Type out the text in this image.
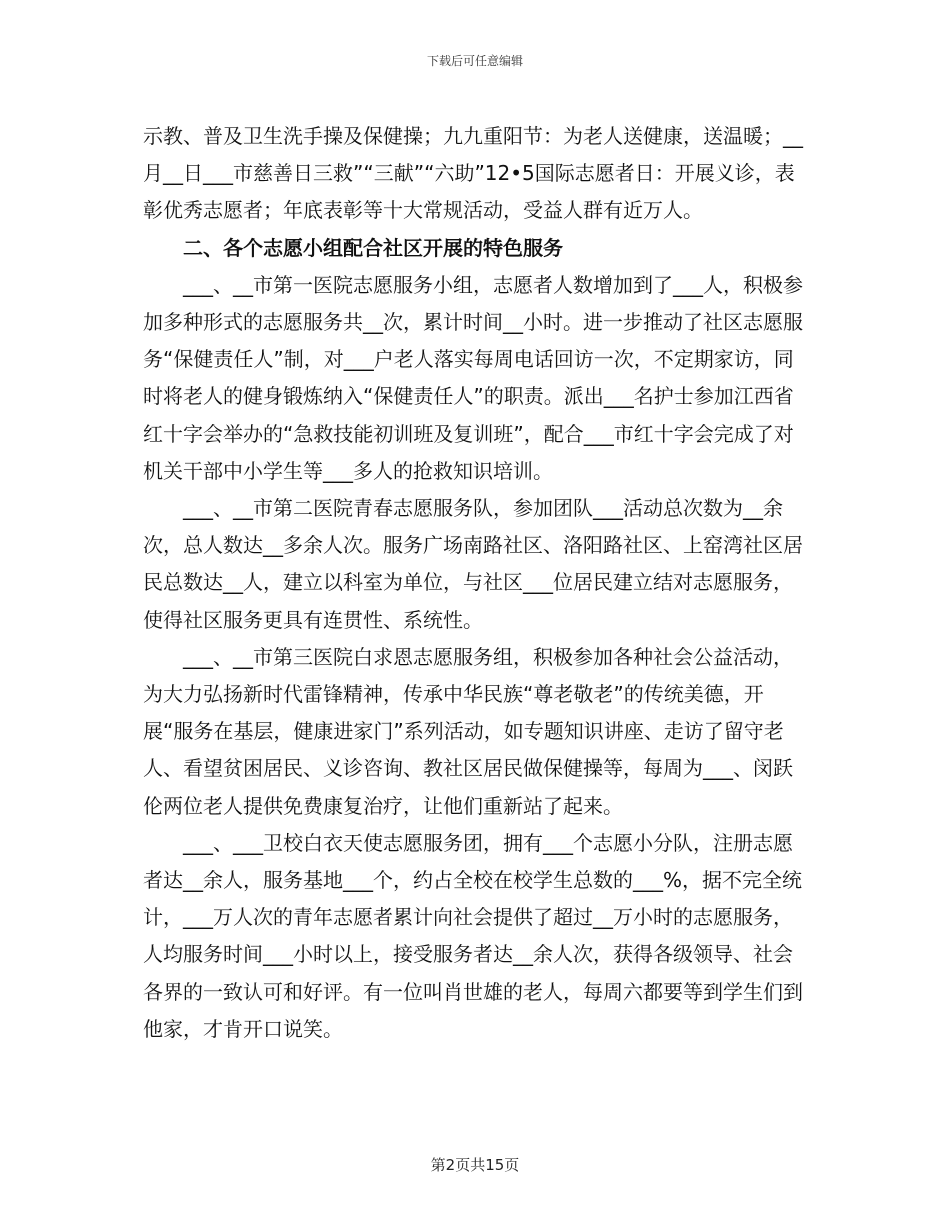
下载后可任意编辑

示教、普及卫生洗手操及保健操；九九重阳节：为老人送健康，送温暖；__月__日___市慈善日三救”“三献”“六助”12•5国际志愿者日：开展义诊，表彰优秀志愿者；年底表彰等十大常规活动，受益人群有近万人。

二、各个志愿小组配合社区开展的特色服务

___、__市第一医院志愿服务小组，志愿者人数增加到了___人，积极参加多种形式的志愿服务共__次，累计时间__小时。进一步推动了社区志愿服务“保健责任人”制，对___户老人落实每周电话回访一次，不定期家访，同时将老人的健身锻炼纳入“保健责任人”的职责。派出___名护士参加江西省红十字会举办的“急救技能初训班及复训班”，配合___市红十字会完成了对机关干部中小学生等___多人的抢救知识培训。

___、__市第二医院青春志愿服务队，参加团队___活动总次数为__余次，总人数达__多余人次。服务广场南路社区、洛阳路社区、上窑湾社区居民总数达__人，建立以科室为单位，与社区___位居民建立结对志愿服务，使得社区服务更具有连贯性、系统性。

___、__市第三医院白求恩志愿服务组，积极参加各种社会公益活动，为大力弘扬新时代雷锋精神，传承中华民族“尊老敬老”的传统美德，开展“服务在基层，健康进家门”系列活动，如专题知识讲座、走访了留守老人、看望贫困居民、义诊咨询、教社区居民做保健操等，每周为___、闵跃伦两位老人提供免费康复治疗，让他们重新站了起来。

___、___卫校白衣天使志愿服务团，拥有___个志愿小分队，注册志愿者达__余人，服务基地___个，约占全校在校学生总数的___%，据不完全统计，___万人次的青年志愿者累计向社会提供了超过__万小时的志愿服务，人均服务时间___小时以上，接受服务者达__余人次，获得各级领导、社会各界的一致认可和好评。有一位叫肖世雄的老人，每周六都要等到学生们到他家，才肯开口说笑。

第2页共15页
